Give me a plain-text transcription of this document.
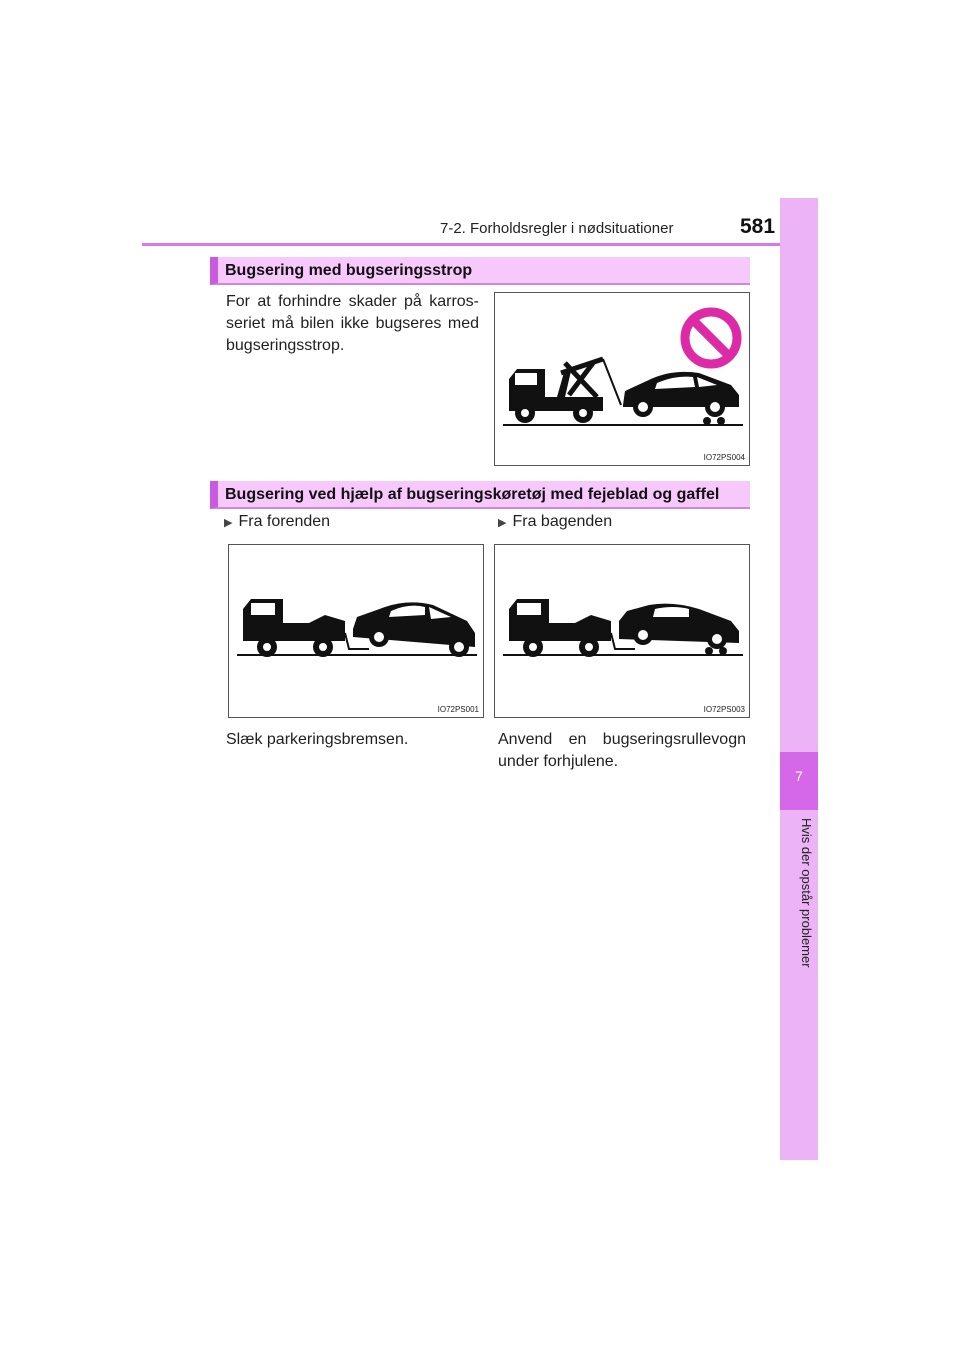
7-2. Forholdsregler i nødsituationer	581
7
Hvis der opstår problemer
Bugsering med bugseringsstrop
For at forhindre skader på karros-seriet må bilen ikke bugseres med bugseringsstrop.
IO72PS004
Bugsering ved hjælp af bugseringskøretøj med fejeblad og gaffel
▶ Fra forenden	▶ Fra bagenden
IO72PS001	IO72PS003
Slæk parkeringsbremsen.	Anvend en bugseringsrullevogn under forhjulene.
